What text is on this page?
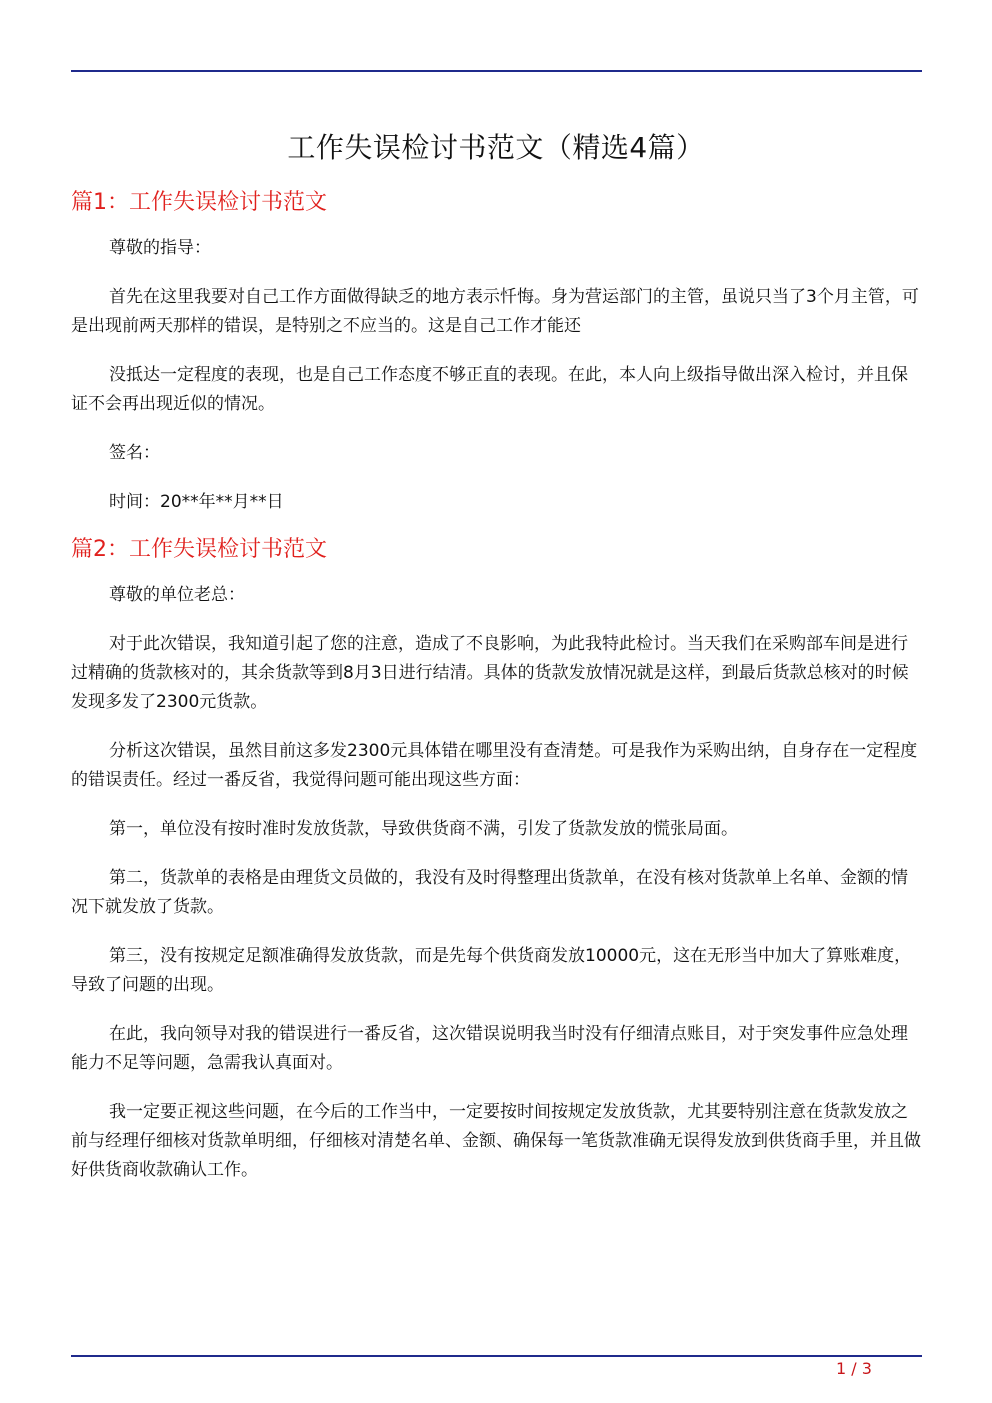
工作失误检讨书范文（精选4篇）
篇1：工作失误检讨书范文

尊敬的指导：

首先在这里我要对自己工作方面做得缺乏的地方表示忏悔。身为营运部门的主管，虽说只当了3个月主管，可是出现前两天那样的错误，是特别之不应当的。这是自己工作才能还

没抵达一定程度的表现，也是自己工作态度不够正直的表现。在此，本人向上级指导做出深入检讨，并且保证不会再出现近似的情况。

签名：

时间：20**年**月**日

篇2：工作失误检讨书范文

尊敬的单位老总：

对于此次错误，我知道引起了您的注意，造成了不良影响，为此我特此检讨。当天我们在采购部车间是进行过精确的货款核对的，其余货款等到8月3日进行结清。具体的货款发放情况就是这样，到最后货款总核对的时候发现多发了2300元货款。

分析这次错误，虽然目前这多发2300元具体错在哪里没有查清楚。可是我作为采购出纳，自身存在一定程度的错误责任。经过一番反省，我觉得问题可能出现这些方面：

第一，单位没有按时准时发放货款，导致供货商不满，引发了货款发放的慌张局面。

第二，货款单的表格是由理货文员做的，我没有及时得整理出货款单，在没有核对货款单上名单、金额的情况下就发放了货款。

第三，没有按规定足额准确得发放货款，而是先每个供货商发放10000元，这在无形当中加大了算账难度，导致了问题的出现。

在此，我向领导对我的错误进行一番反省，这次错误说明我当时没有仔细清点账目，对于突发事件应急处理能力不足等问题，急需我认真面对。

我一定要正视这些问题，在今后的工作当中，一定要按时间按规定发放货款，尤其要特别注意在货款发放之前与经理仔细核对货款单明细，仔细核对清楚名单、金额、确保每一笔货款准确无误得发放到供货商手里，并且做好供货商收款确认工作。

1 / 3
